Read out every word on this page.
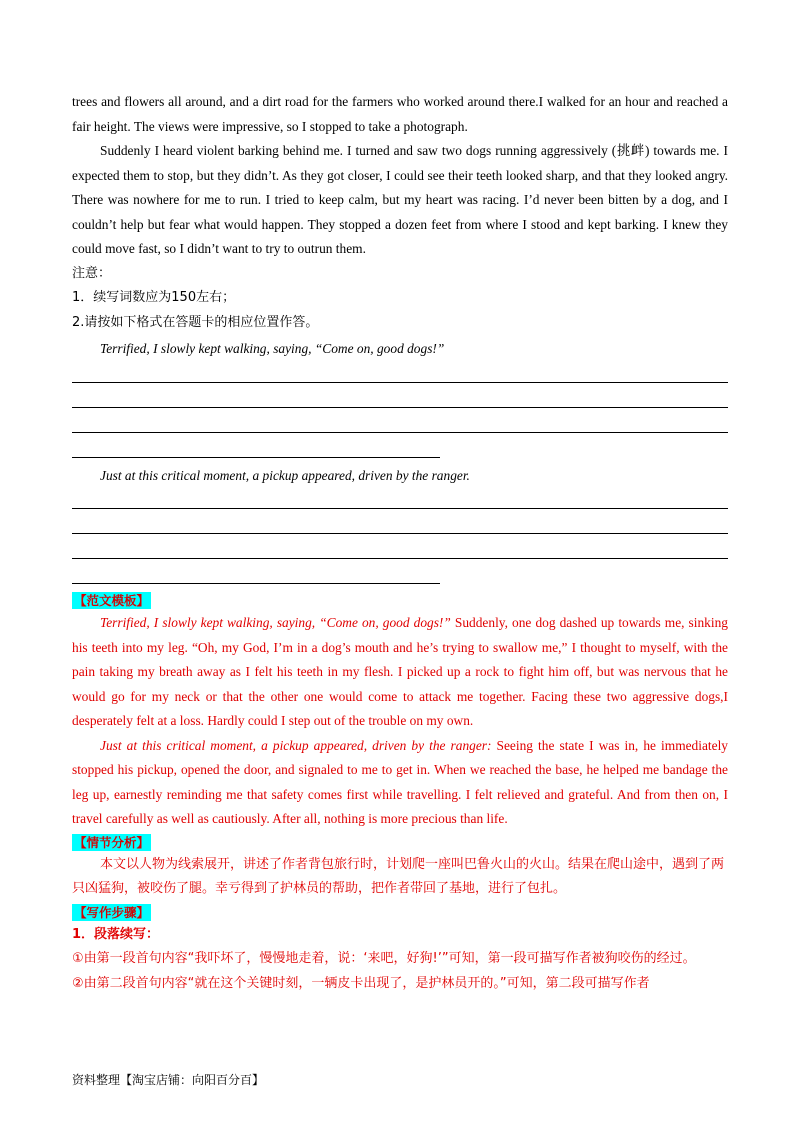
trees and flowers all around, and a dirt road for the farmers who worked around there.I walked for an hour and reached a fair height. The views were impressive, so I stopped to take a photograph.

Suddenly I heard violent barking behind me. I turned and saw two dogs running aggressively (挑衅) towards me. I expected them to stop, but they didn’t. As they got closer, I could see their teeth looked sharp, and that they looked angry. There was nowhere for me to run. I tried to keep calm, but my heart was racing. I’d never been bitten by a dog, and I couldn’t help but fear what would happen. They stopped a dozen feet from where I stood and kept barking. I knew they could move fast, so I didn’t want to try to outrun them.

注意：

1．续写词数应为150左右；

2.请按如下格式在答题卡的相应位置作答。

Terrified, I slowly kept walking, saying, “Come on, good dogs!”

Just at this critical moment, a pickup appeared, driven by the ranger.

【范文模板】

Terrified, I slowly kept walking, saying, “Come on, good dogs!” Suddenly, one dog dashed up towards me, sinking his teeth into my leg. “Oh, my God, I’m in a dog’s mouth and he’s trying to swallow me,” I thought to myself, with the pain taking my breath away as I felt his teeth in my flesh. I picked up a rock to fight him off, but was nervous that he would go for my neck or that the other one would come to attack me together. Facing these two aggressive dogs,I desperately felt at a loss. Hardly could I step out of the trouble on my own.

Just at this critical moment, a pickup appeared, driven by the ranger: Seeing the state I was in, he immediately stopped his pickup, opened the door, and signaled to me to get in. When we reached the base, he helped me bandage the leg up, earnestly reminding me that safety comes first while travelling. I felt relieved and grateful. And from then on, I travel carefully as well as cautiously. After all, nothing is more precious than life.

【情节分析】

本文以人物为线索展开，讲述了作者背包旅行时，计划爬一座叫巴鲁火山的火山。结果在爬山途中，遇到了两只凶猛狗，被咬伤了腿。幸亏得到了护林员的帮助，把作者带回了基地，进行了包扎。

【写作步骤】

1．段落续写：

①由第一段首句内容“我吓坏了，慢慢地走着，说：‘来吧，好狗!’”可知，第一段可描写作者被狗咬伤的经过。

②由第二段首句内容“就在这个关键时刻，一辆皮卡出现了，是护林员开的。”可知，第二段可描写作者

资料整理【淘宝店铺：向阳百分百】
